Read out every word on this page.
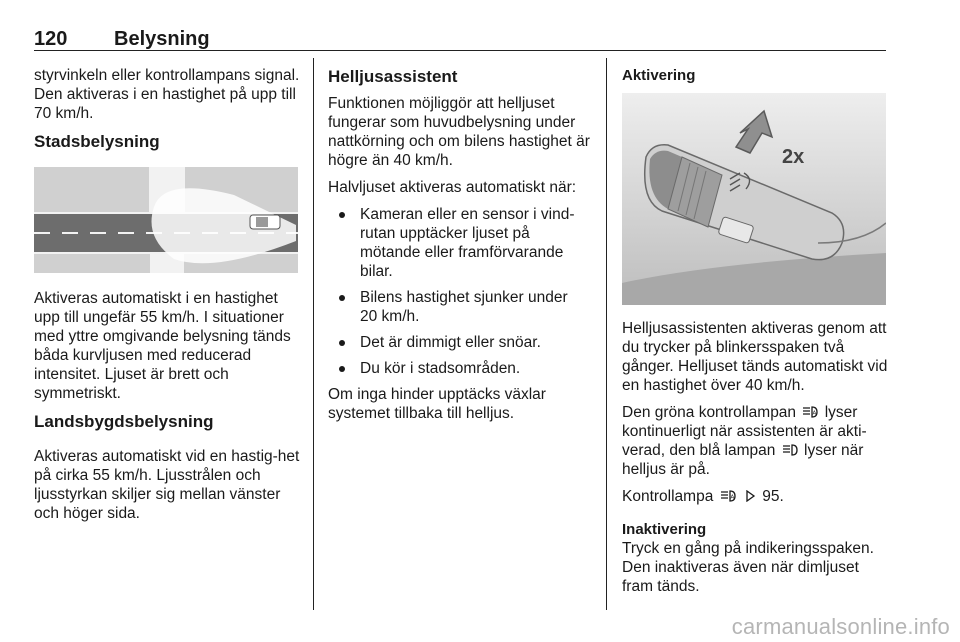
120 Belysning

styrvinkeln eller kontrollampans signal. Den aktiveras i en hastighet på upp till 70 km/h.

Stadsbelysning

Aktiveras automatiskt i en hastighet upp till ungefär 55 km/h. I situationer med yttre omgivande belysning tänds båda kurvljusen med reducerad intensitet. Ljuset är brett och symmetriskt.

Landsbygdsbelysning

Aktiveras automatiskt vid en hastig-het på cirka 55 km/h. Ljusstrålen och ljusstyrkan skiljer sig mellan vänster och höger sida.

Helljusassistent

Funktionen möjliggör att helljuset fungerar som huvudbelysning under nattkörning och om bilens hastighet är högre än 40 km/h.

Halvljuset aktiveras automatiskt när:

Kameran eller en sensor i vind-rutan upptäcker ljuset på mötande eller framförvarande bilar.
Bilens hastighet sjunker under 20 km/h.
Det är dimmigt eller snöar.
Du kör i stadsområden.

Om inga hinder upptäcks växlar systemet tillbaka till helljus.

Aktivering
2x

Helljusassistenten aktiveras genom att du trycker på blinkersspaken två gånger. Helljuset tänds automatiskt vid en hastighet över 40 km/h.

Den gröna kontrollampan	A lyser kontinuerligt när assistenten är akti-verad, den blå lampan lyser när helljus är på.

Kontrollampa	A 95.

Inaktivering

Tryck en gång på indikeringsspaken. Den inaktiveras även när dimljuset fram tänds.

carmanualsonline.info
